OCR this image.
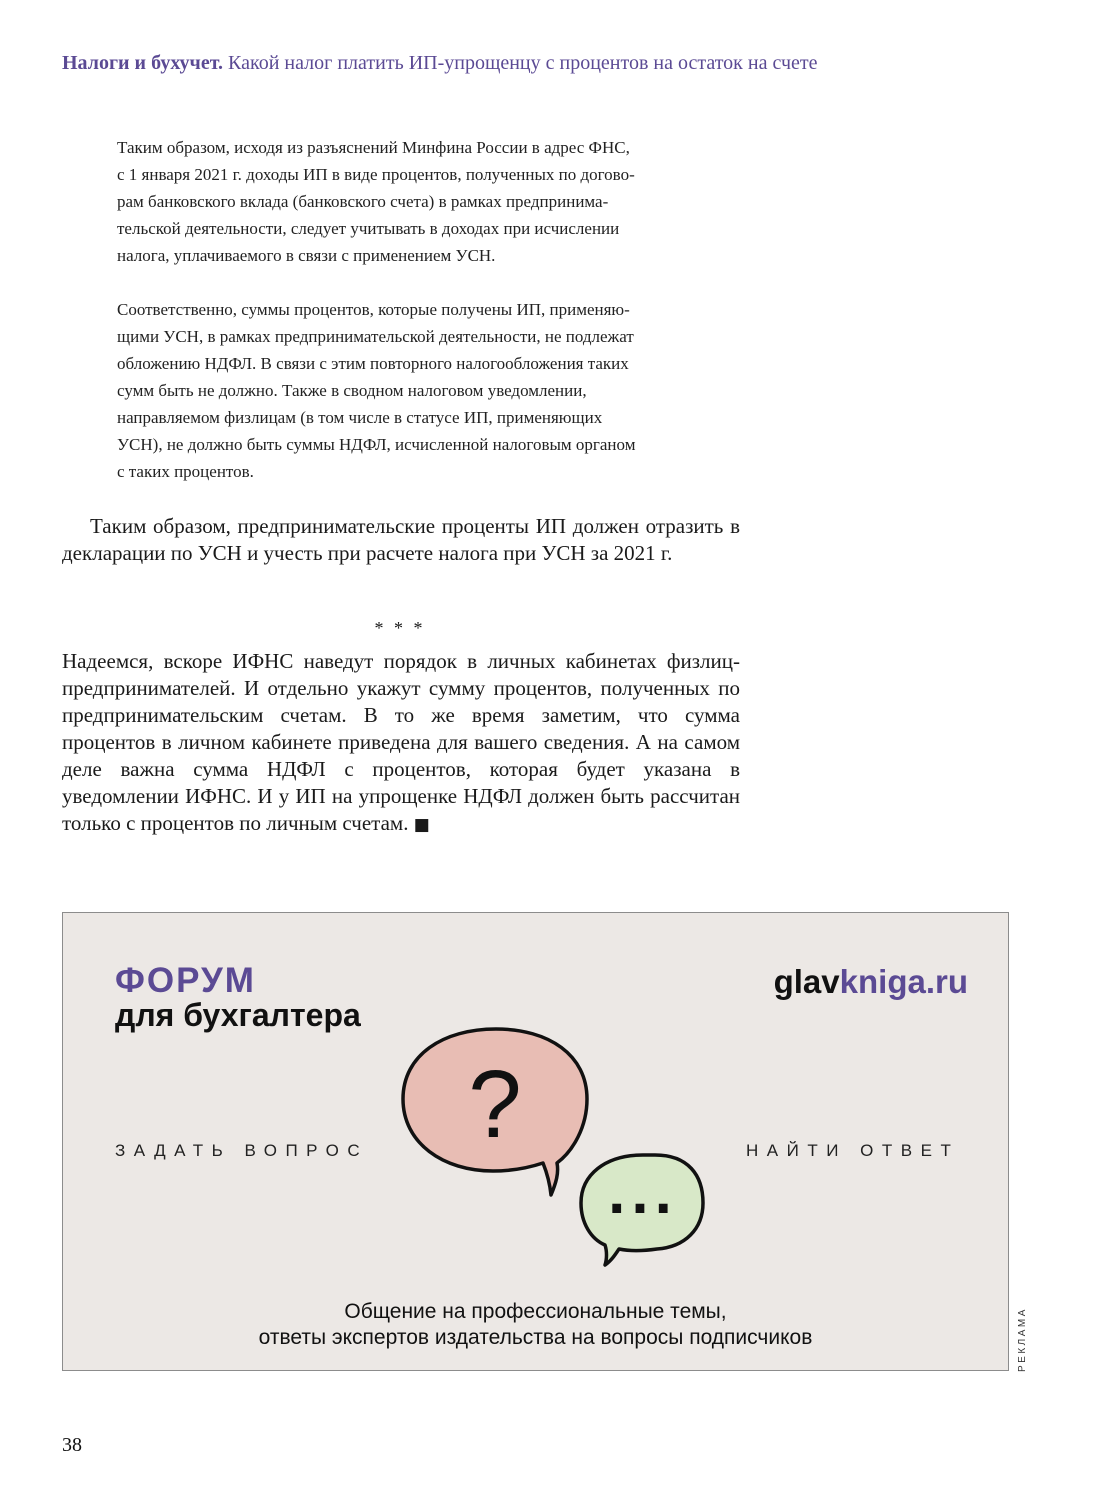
Налоги и бухучет. Какой налог платить ИП-упрощенцу с процентов на остаток на счете

Таким образом, исходя из разъяснений Минфина России в адрес ФНС,

с 1 января 2021 г. доходы ИП в виде процентов, полученных по догово-

рам банковского вклада (банковского счета) в рамках предпринима-

тельской деятельности, следует учитывать в доходах при исчислении

налога, уплачиваемого в связи с применением УСН.

Соответственно, суммы процентов, которые получены ИП, применяю-

щими УСН, в рамках предпринимательской деятельности, не подлежат

обложению НДФЛ. В связи с этим повторного налогообложения таких

сумм быть не должно. Также в сводном налоговом уведомлении,

направляемом физлицам (в том числе в статусе ИП, применяющих

УСН), не должно быть суммы НДФЛ, исчисленной налоговым органом

с таких процентов.

Таким образом, предпринимательские проценты ИП должен отразить в декларации по УСН и учесть при расчете налога при УСН за 2021 г.

* * *

Надеемся, вскоре ИФНС наведут порядок в личных кабинетах физлиц-предпринимателей. И отдельно укажут сумму процентов, полученных по предпринимательским счетам. В то же время заметим, что сумма процентов в личном кабинете приведена для вашего сведения. А на самом деле важна сумма НДФЛ с процентов, которая будет указана в уведомлении ИФНС. И у ИП на упрощенке НДФЛ должен быть рассчитан только с процентов по личным счетам. ■

ФОРУМ
для бухгалтера
glavkniga.ru
ЗАДАТЬ ВОПРОС	НАЙТИ ОТВЕТ
?
...
Общение на профессиональные темы,
ответы экспертов издательства на вопросы подписчиков	РЕКЛАМА
38
